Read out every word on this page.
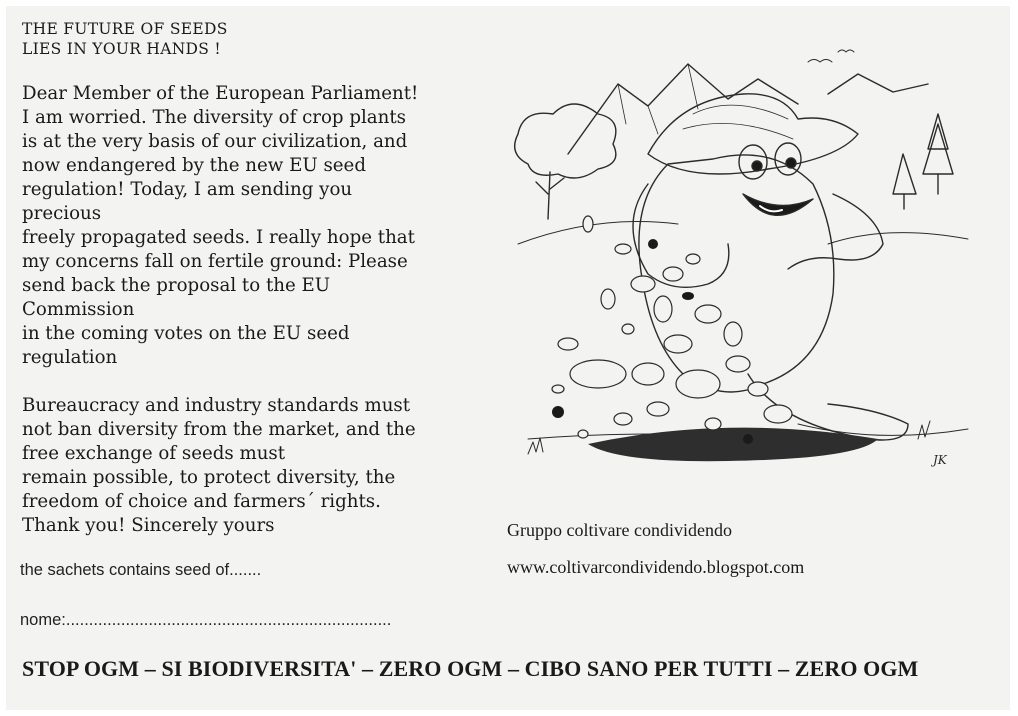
THE FUTURE OF SEEDS
LIES IN YOUR HANDS !
Dear Member of the European Parliament!
I am worried. The diversity of crop plants
is at the very basis of our civilization, and
now endangered by the new EU seed
regulation! Today, I am sending you
precious
freely propagated seeds. I really hope that
my concerns fall on fertile ground: Please
send back the proposal to the EU
Commission
in the coming votes on the EU seed
regulation
Bureaucracy and industry standards must
not ban diversity from the market, and the
free exchange of seeds must
remain possible, to protect diversity, the
freedom of choice and farmers´ rights.
Thank you! Sincerely yours
the sachets contains seed of.......
nome:.......................................................................
Gruppo coltivare condividendo
www.coltivarcondividendo.blogspot.com
JK
STOP OGM – SI BIODIVERSITA' – ZERO OGM – CIBO SANO PER TUTTI – ZERO OGM
